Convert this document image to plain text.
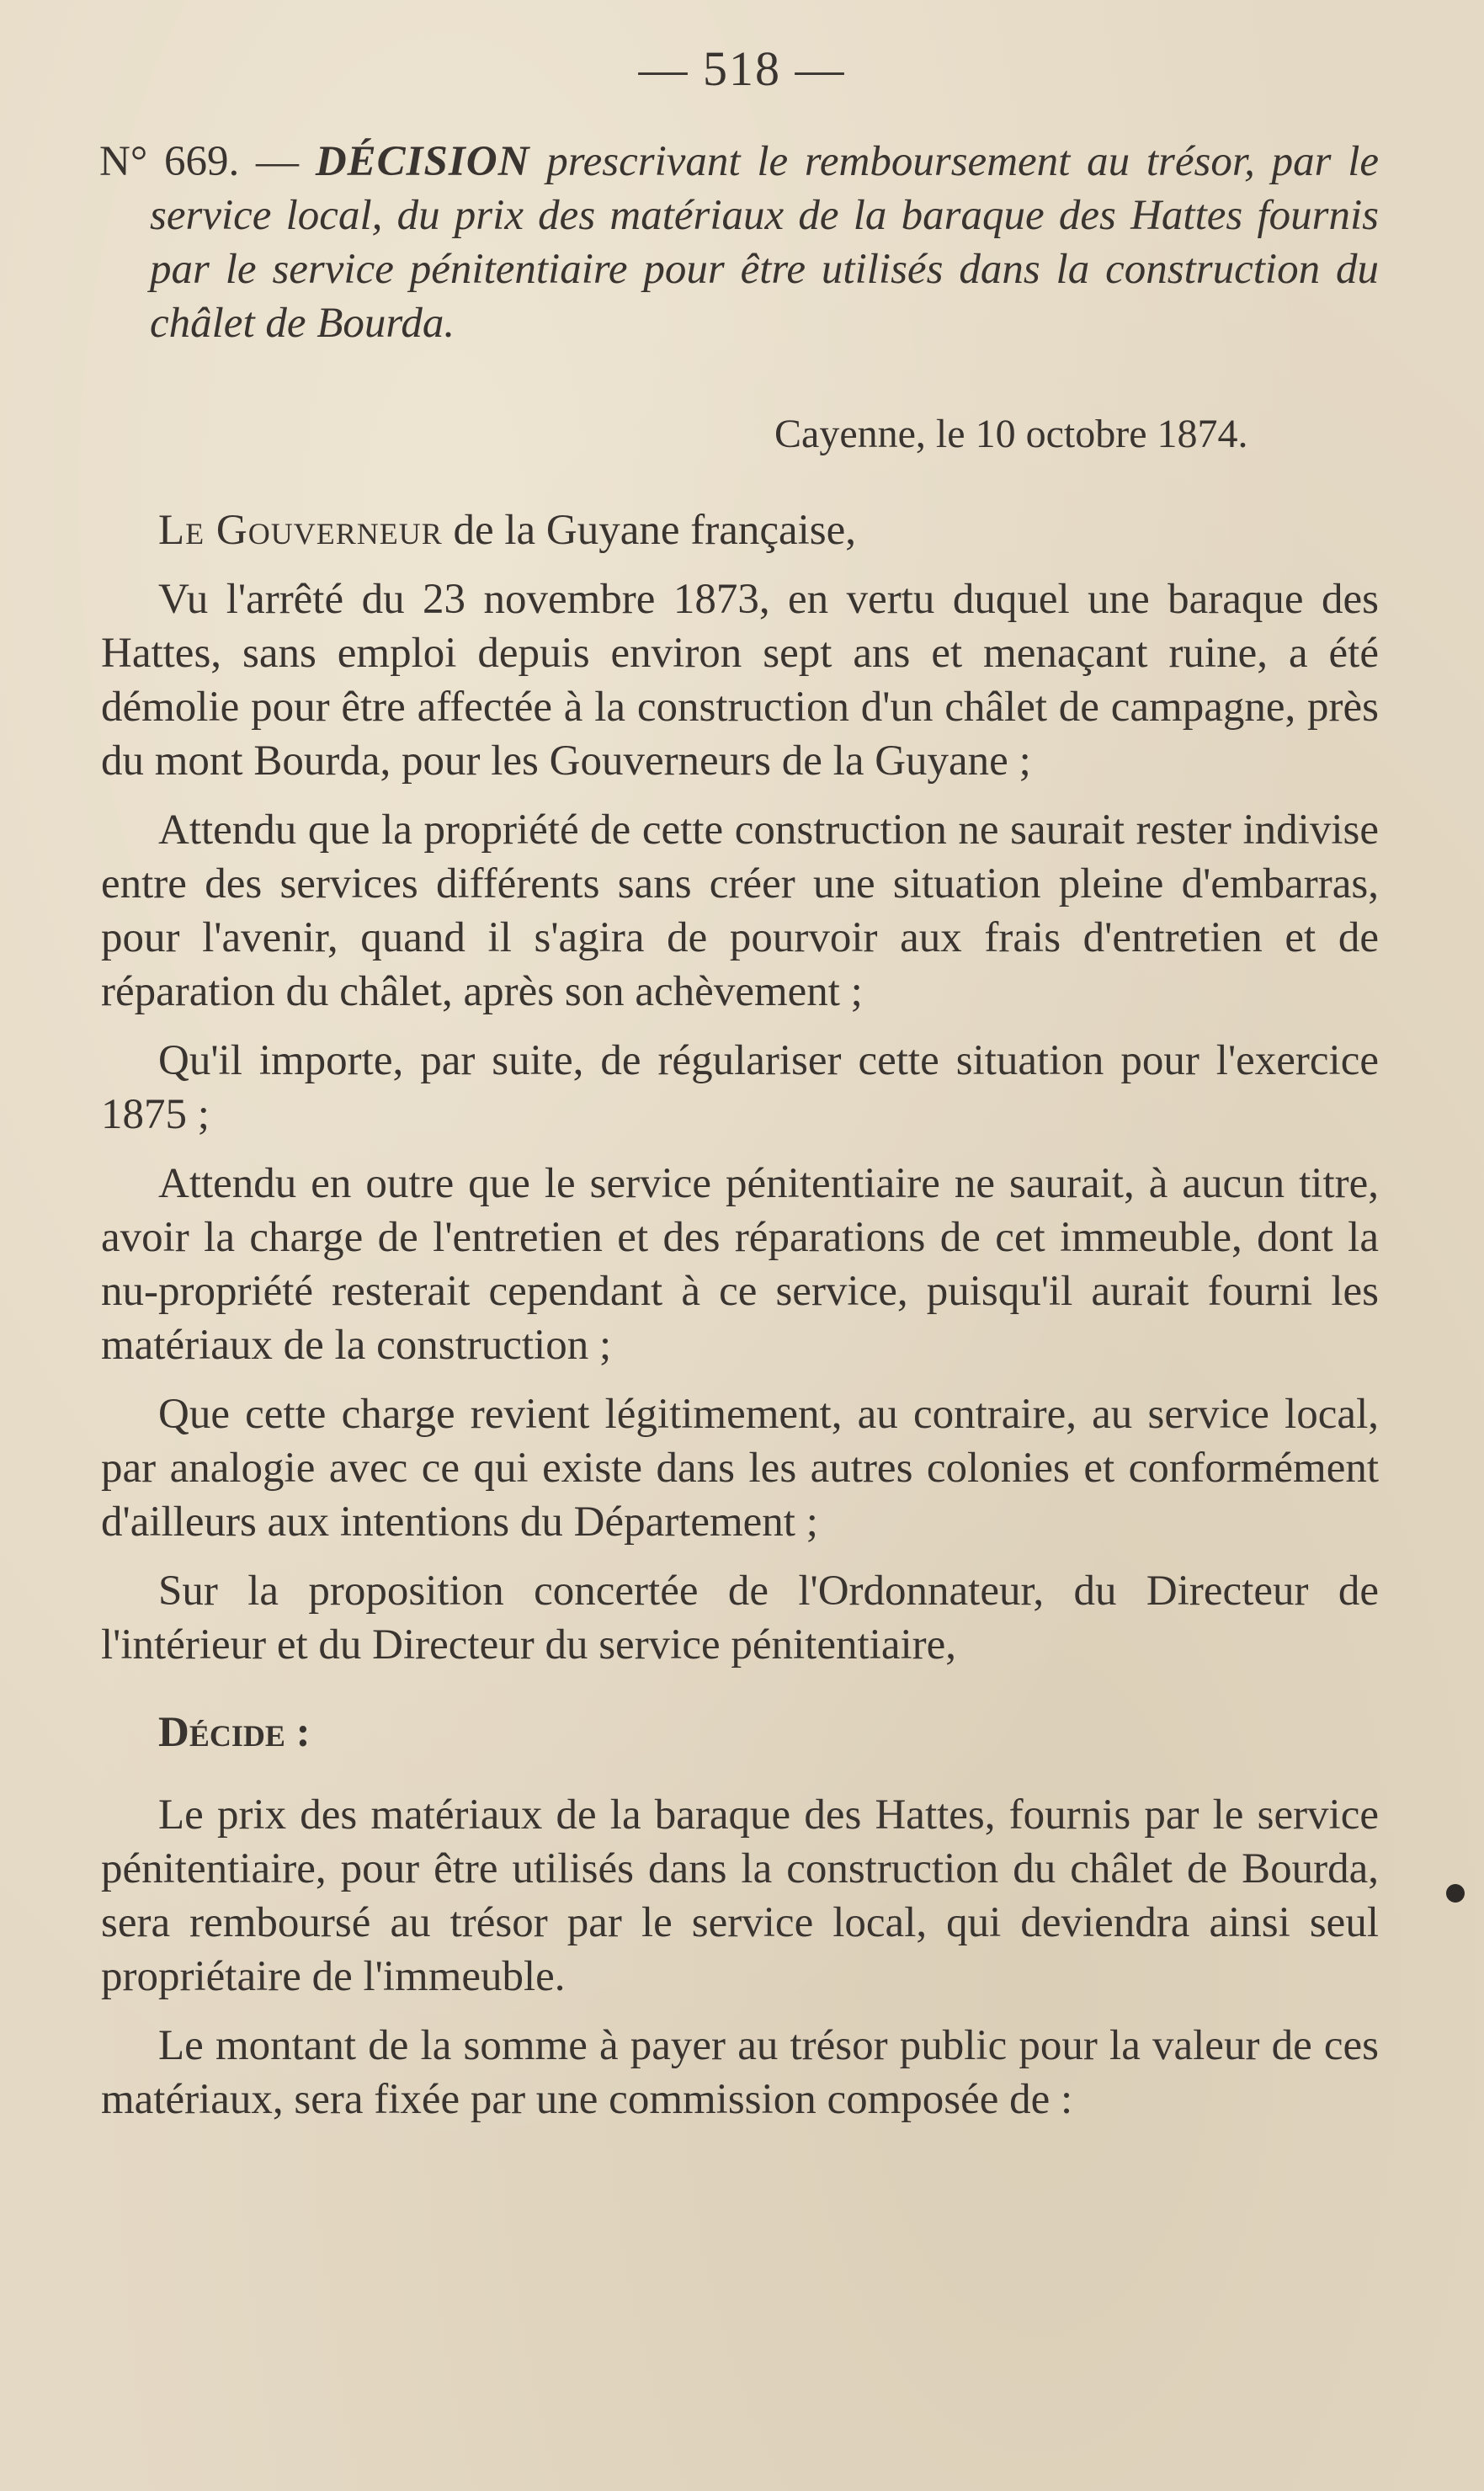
— 518 —

N° 669. — DÉCISION prescrivant le remboursement au trésor, par le service local, du prix des matériaux de la baraque des Hattes fournis par le service pénitentiaire pour être utilisés dans la construction du châlet de Bourda.

Cayenne, le 10 octobre 1874.

Le Gouverneur de la Guyane française,

Vu l'arrêté du 23 novembre 1873, en vertu duquel une baraque des Hattes, sans emploi depuis environ sept ans et menaçant ruine, a été démolie pour être affectée à la construction d'un châlet de campagne, près du mont Bourda, pour les Gouverneurs de la Guyane ;

Attendu que la propriété de cette construction ne saurait rester indivise entre des services différents sans créer une situation pleine d'embarras, pour l'avenir, quand il s'agira de pourvoir aux frais d'entretien et de réparation du châlet, après son achèvement ;

Qu'il importe, par suite, de régulariser cette situation pour l'exercice 1875 ;

Attendu en outre que le service pénitentiaire ne saurait, à aucun titre, avoir la charge de l'entretien et des réparations de cet immeuble, dont la nu-propriété resterait cependant à ce service, puisqu'il aurait fourni les matériaux de la construction ;

Que cette charge revient légitimement, au contraire, au service local, par analogie avec ce qui existe dans les autres colonies et conformément d'ailleurs aux intentions du Département ;

Sur la proposition concertée de l'Ordonnateur, du Directeur de l'intérieur et du Directeur du service pénitentiaire,

Décide :

Le prix des matériaux de la baraque des Hattes, fournis par le service pénitentiaire, pour être utilisés dans la construction du châlet de Bourda, sera remboursé au trésor par le service local, qui deviendra ainsi seul propriétaire de l'immeuble.

Le montant de la somme à payer au trésor public pour la valeur de ces matériaux, sera fixée par une commission composée de :
